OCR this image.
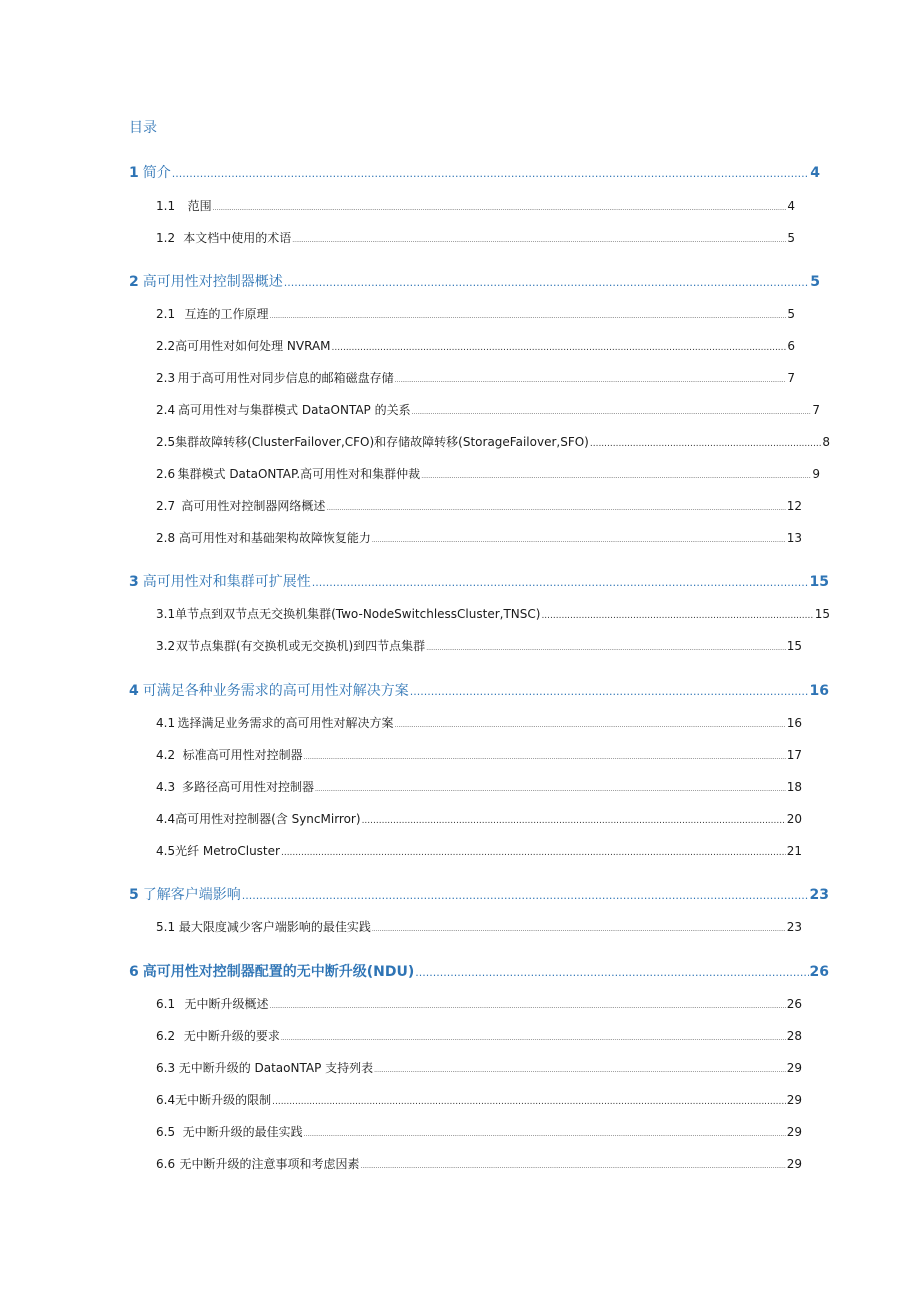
目录
1 简介 .....	4
1.1	范围 .....	4
1.2 本文档中使用的术语 .....	5
2 高可用性对控制器概述 .....	5
2.1 互连的工作原理 .....	5
2.2 高可用性对如何处理 NVRAM .....	6
2.3 用于高可用性对同步信息的邮箱磁盘存储 .....	7
2.4 高可用性对与集群模式 DataONTAP 的关系 .....	7
2.5 集群故障转移(ClusterFailover,CFO)和存储故障转移(StorageFailover,SFO) .....	8
2.6 集群模式 DataONTAP.高可用性对和集群仲裁 .....	9
2.7 高可用性对控制器网络概述 .....	12
2.8 高可用性对和基础架构故障恢复能力 .....	13
3 高可用性对和集群可扩展性 .....	15
3.1 单节点到双节点无交换机集群(Two-NodeSwitchlessCluster,TNSC) .....	15
3.2 双节点集群(有交换机或无交换机)到四节点集群 .....	15
4 可满足各种业务需求的高可用性对解决方案 .....	16
4.1 选择满足业务需求的高可用性对解决方案 .....	16
4.2 标准高可用性对控制器 .....	17
4.3 多路径高可用性对控制器 .....	18
4.4 高可用性对控制器(含 SyncMirror) .....	20
4.5 光纤 MetroCluster .....	21
5 了解客户端影响 .....	23
5.1 最大限度减少客户端影响的最佳实践 .....	23
6 高可用性对控制器配置的无中断升级(NDU) .....	26
6.1 无中断升级概述 .....	26
6.2 无中断升级的要求 .....	28
6.3 无中断升级的 DataoNTAP 支持列表 .....	29
6.4 无中断升级的限制 .....	29
6.5 无中断升级的最佳实践 .....	29
6.6 无中断升级的注意事项和考虑因素 .....	29
